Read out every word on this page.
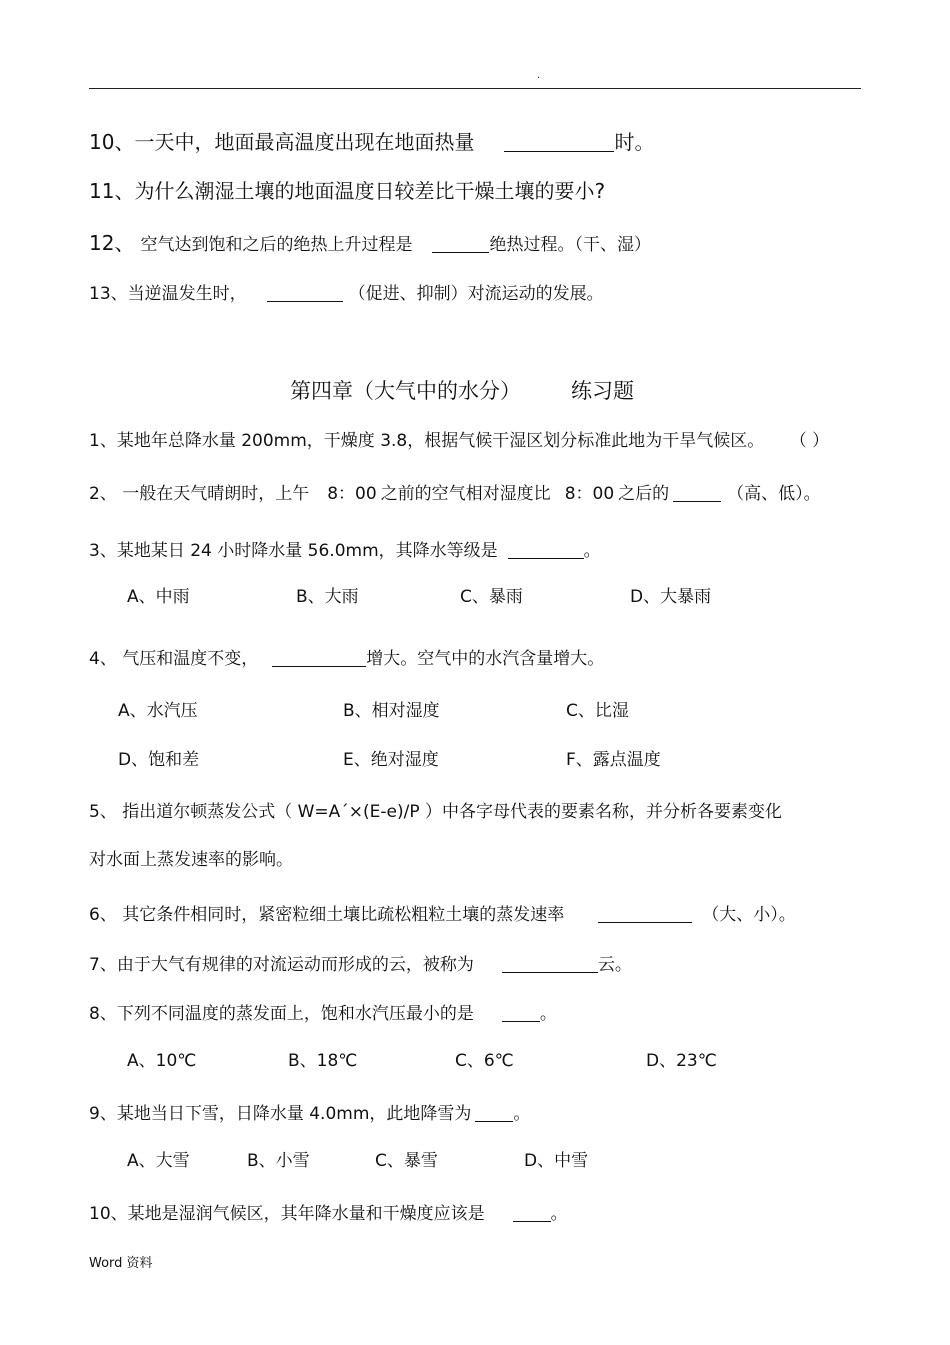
.
10、一天中，地面最高温度出现在地面热量	时。
11、为什么潮湿土壤的地面温度日较差比干燥土壤的要小?
12、 空气达到饱和之后的绝热上升过程是	绝热过程。（干、湿）
13、当逆温发生时，	（促进、抑制）对流运动的发展。
第四章（大气中的水分） 练习题
1、某地年总降水量 200mm，干燥度 3.8，根据气候干湿区划分标准此地为干旱气候区。 （ ）
2、 一般在天气晴朗时，上午 8：00 之前的空气相对湿度比 8：00 之后的	（高、低）。
3、某地某日 24 小时降水量 56.0mm，其降水等级是	。
A、中雨	B、大雨	C、暴雨	D、大暴雨
4、 气压和温度不变，	增大。空气中的水汽含量增大。
A、水汽压	B、相对湿度	C、比湿
D、饱和差	E、绝对湿度	F、露点温度
5、 指出道尔顿蒸发公式（ W=A´×(E-e)/P ）中各字母代表的要素名称，并分析各要素变化
对水面上蒸发速率的影响。
6、 其它条件相同时，紧密粒细土壤比疏松粗粒土壤的蒸发速率	（大、小）。
7、由于大气有规律的对流运动而形成的云，被称为	云。
8、下列不同温度的蒸发面上，饱和水汽压最小的是	。
A、10℃	B、18℃	C、6℃	D、23℃
9、某地当日下雪，日降水量 4.0mm，此地降雪为 。
A、大雪	B、小雪	C、暴雪	D、中雪
10、某地是湿润气候区，其年降水量和干燥度应该是	。
Word 资料
